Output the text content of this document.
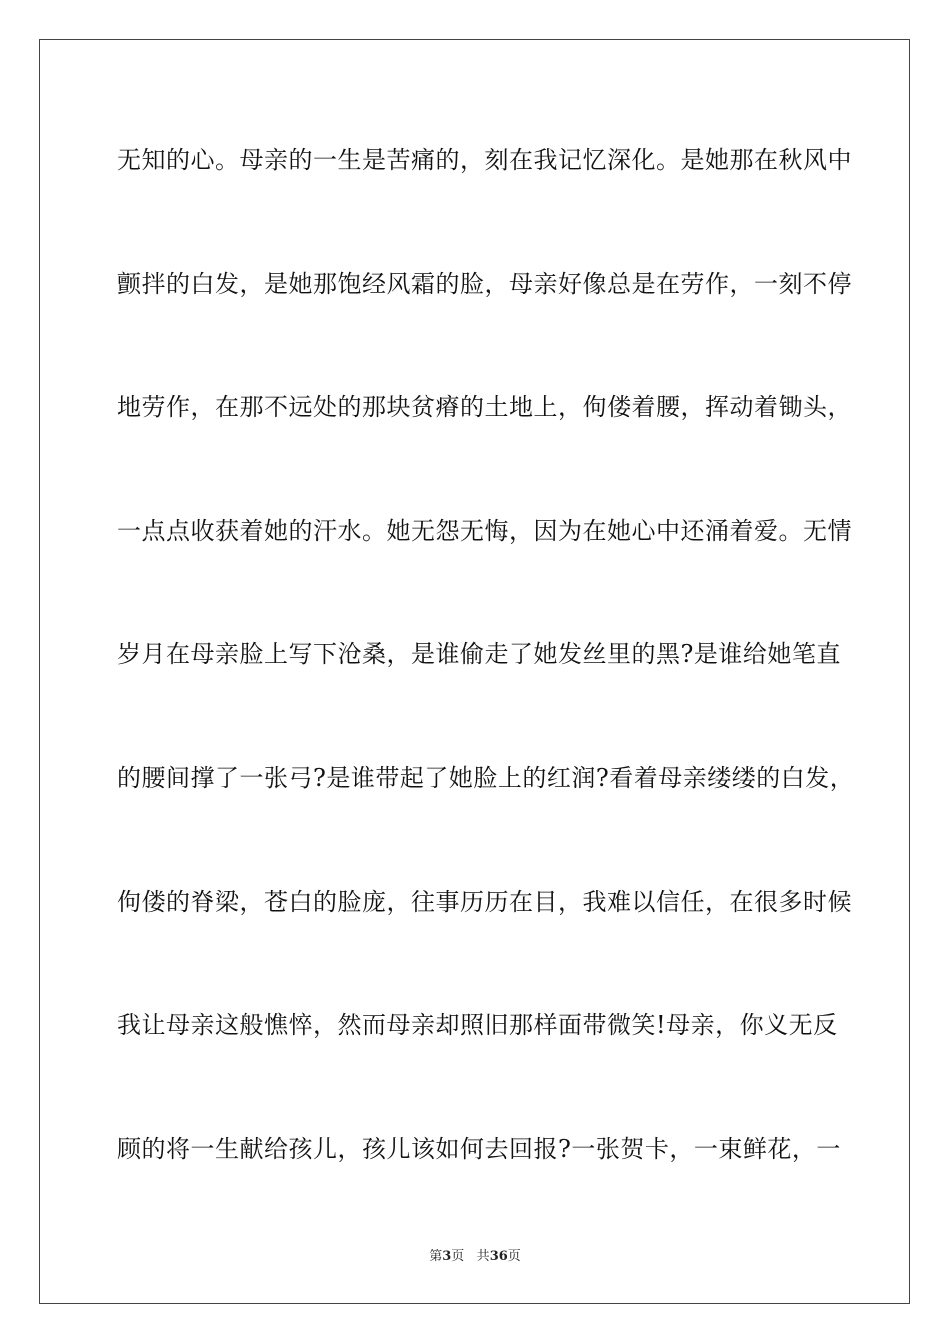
无知的心。母亲的一生是苦痛的，刻在我记忆深化。是她那在秋风中
颤拌的白发，是她那饱经风霜的脸，母亲好像总是在劳作，一刻不停
地劳作，在那不远处的那块贫瘠的土地上，佝偻着腰，挥动着锄头，
一点点收获着她的汗水。她无怨无悔，因为在她心中还涌着爱。无情
岁月在母亲脸上写下沧桑，是谁偷走了她发丝里的黑?是谁给她笔直
的腰间撑了一张弓?是谁带起了她脸上的红润?看着母亲缕缕的白发，
佝偻的脊梁，苍白的脸庞，往事历历在目，我难以信任，在很多时候
我让母亲这般憔悴，然而母亲却照旧那样面带微笑!母亲，你义无反
顾的将一生献给孩儿，孩儿该如何去回报?一张贺卡，一束鲜花，一
第3页 共36页
